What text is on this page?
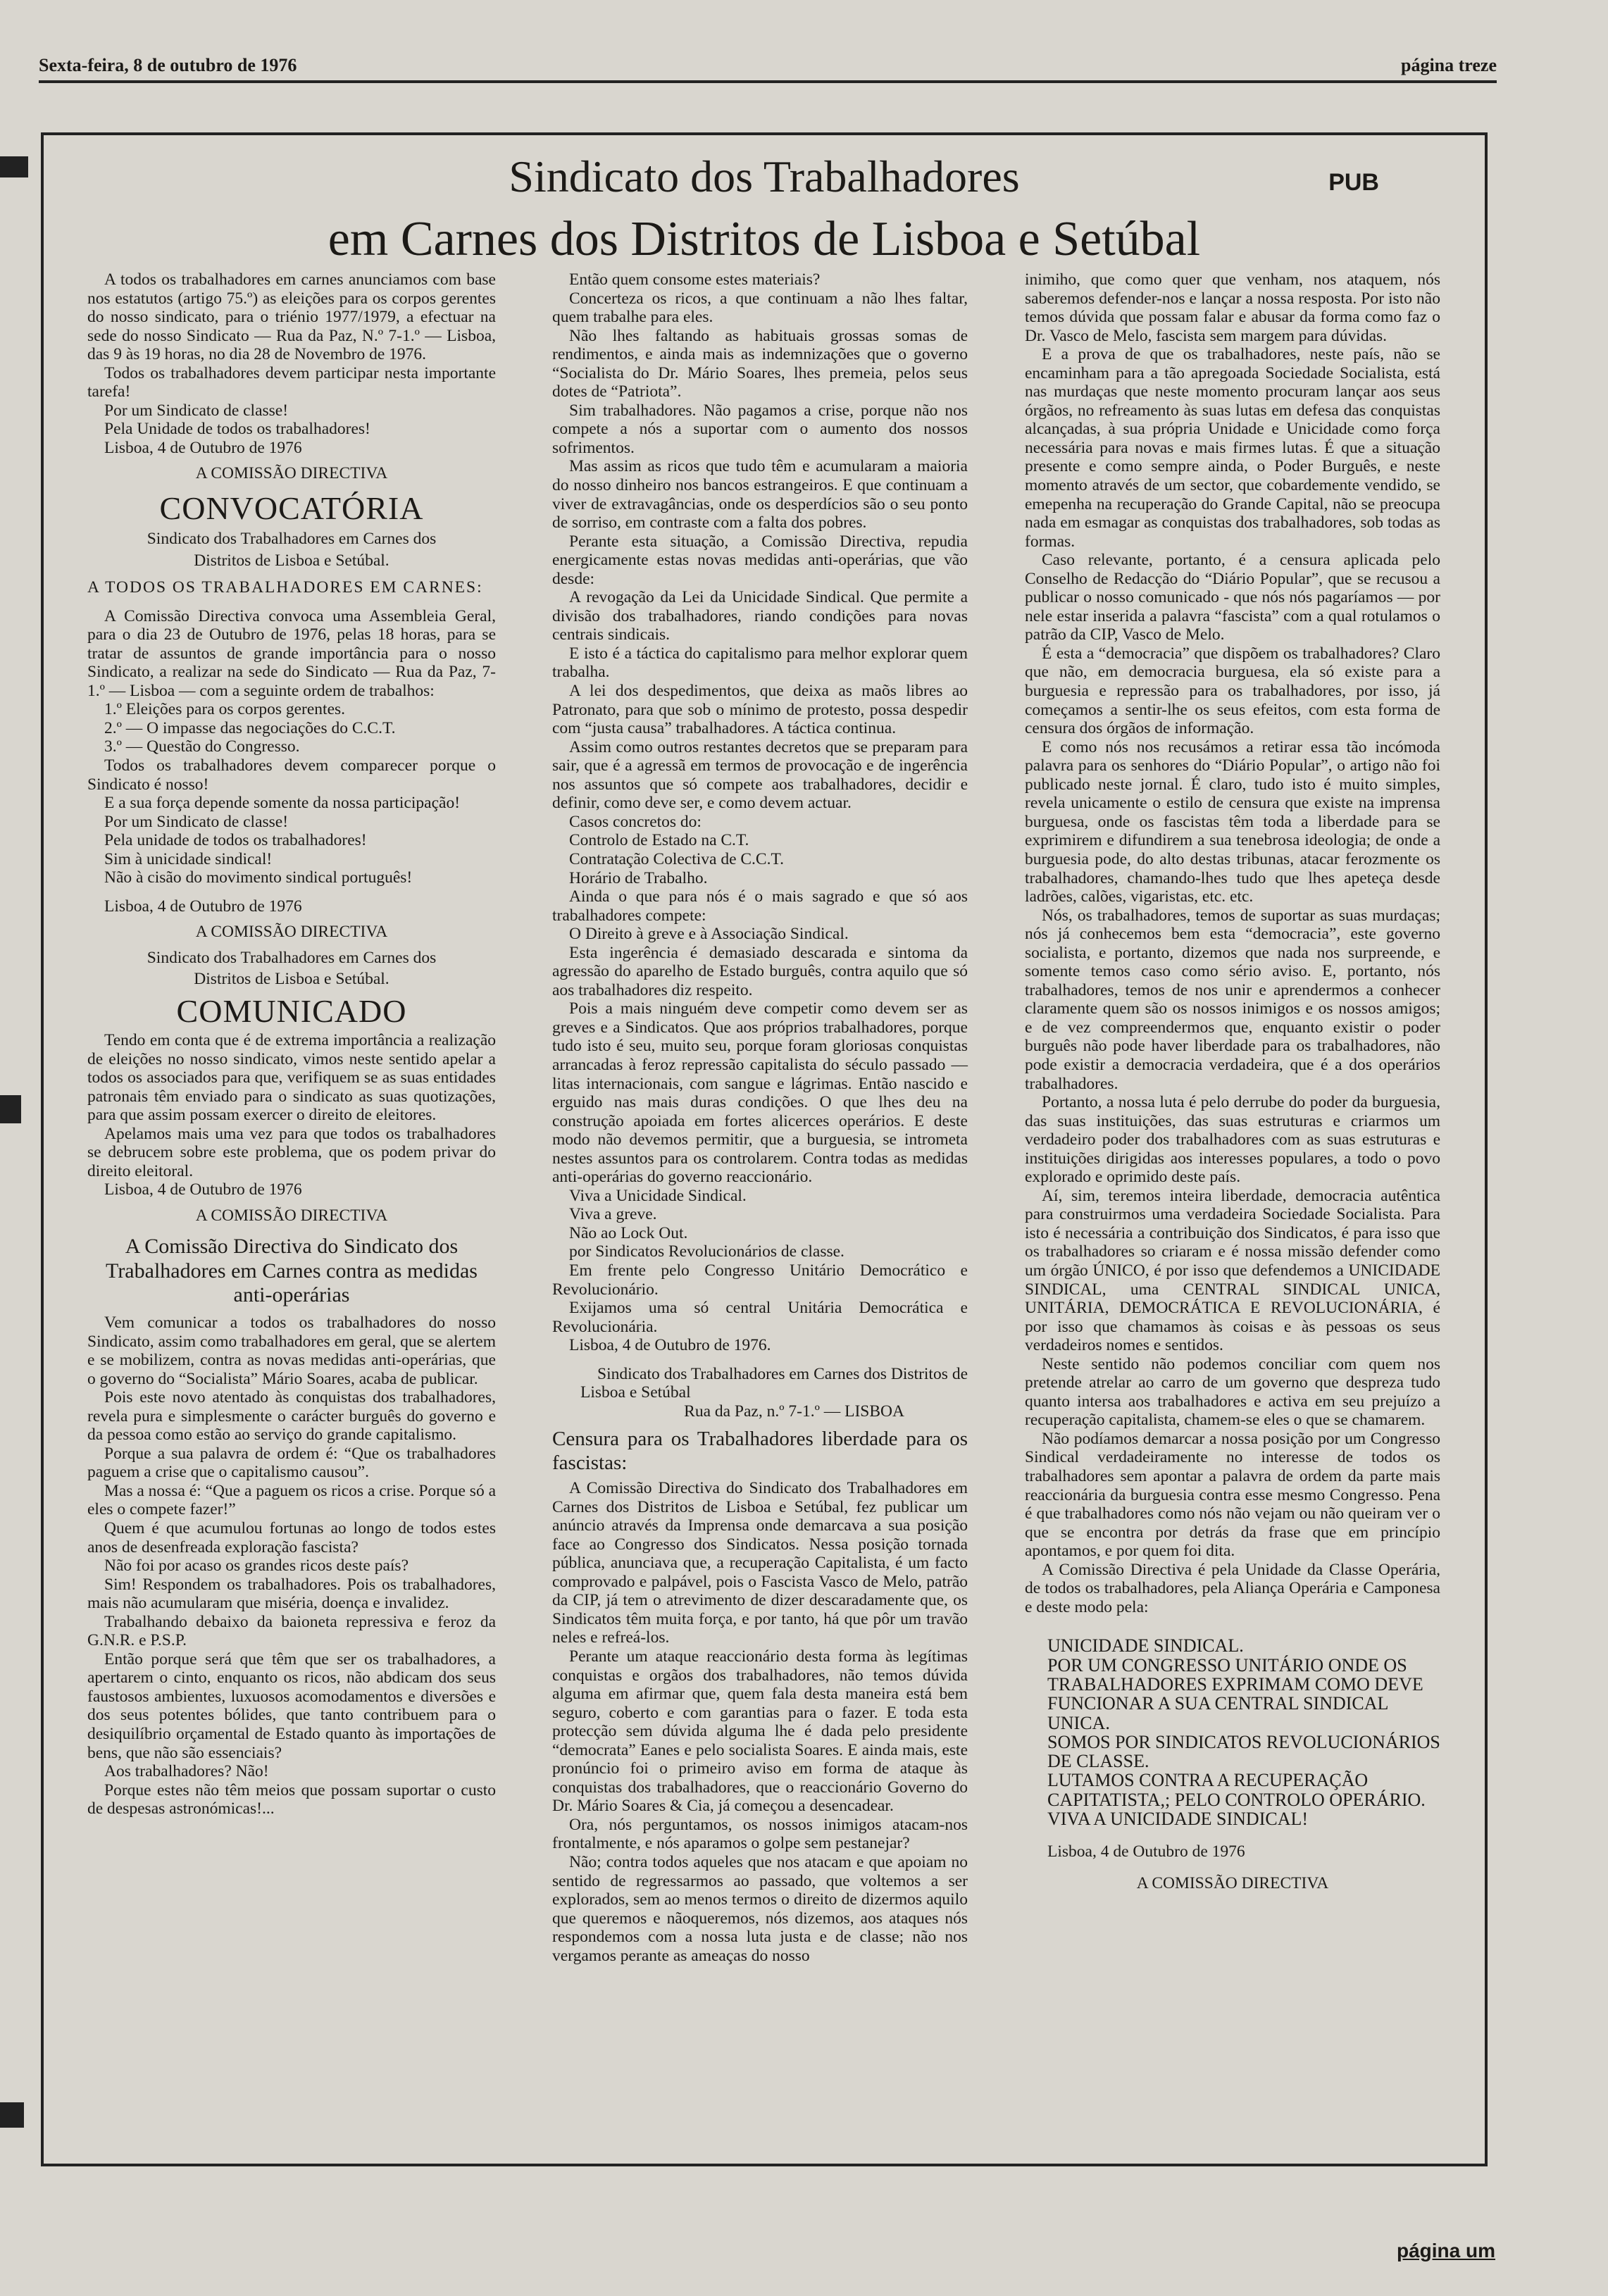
Sexta-feira, 8 de outubro de 1976	página treze
Sindicato dos Trabalhadores	PUB
em Carnes dos Distritos de Lisboa e Setúbal

A todos os trabalhadores em carnes anunciamos com base nos estatutos (artigo 75.º) as eleições para os corpos gerentes do nosso sindicato, para o triénio 1977/1979, a efectuar na sede do nosso Sindicato — Rua da Paz, N.º 7-1.º — Lisboa, das 9 às 19 horas, no dia 28 de Novembro de 1976.

Todos os trabalhadores devem participar nesta importante tarefa!

Por um Sindicato de classe!

Pela Unidade de todos os trabalhadores!

Lisboa, 4 de Outubro de 1976

A COMISSÃO DIRECTIVA
CONVOCATÓRIA
Sindicato dos Trabalhadores em Carnes dos
Distritos de Lisboa e Setúbal.

A TODOS OS TRABALHADORES EM CARNES:

A Comissão Directiva convoca uma Assembleia Geral, para o dia 23 de Outubro de 1976, pelas 18 horas, para se tratar de assuntos de grande importância para o nosso Sindicato, a realizar na sede do Sindicato — Rua da Paz, 7-1.º — Lisboa — com a seguinte ordem de trabalhos:

1.º Eleições para os corpos gerentes.

2.º — O impasse das negociações do C.C.T.

3.º — Questão do Congresso.

Todos os trabalhadores devem comparecer porque o Sindicato é nosso!

E a sua força depende somente da nossa participação!

Por um Sindicato de classe!

Pela unidade de todos os trabalhadores!

Sim à unicidade sindical!

Não à cisão do movimento sindical português!

Lisboa, 4 de Outubro de 1976

A COMISSÃO DIRECTIVA
Sindicato dos Trabalhadores em Carnes dos
Distritos de Lisboa e Setúbal.
COMUNICADO

Tendo em conta que é de extrema importância a realização de eleições no nosso sindicato, vimos neste sentido apelar a todos os associados para que, verifiquem se as suas entidades patronais têm enviado para o sindicato as suas quotizações, para que assim possam exercer o direito de eleitores.

Apelamos mais uma vez para que todos os trabalhadores se debrucem sobre este problema, que os podem privar do direito eleitoral.

Lisboa, 4 de Outubro de 1976

A COMISSÃO DIRECTIVA
A Comissão Directiva do Sindicato dos Trabalhadores em Carnes contra as medidas anti-operárias

Vem comunicar a todos os trabalhadores do nosso Sindicato, assim como trabalhadores em geral, que se alertem e se mobilizem, contra as novas medidas anti-operárias, que o governo do “Socialista” Mário Soares, acaba de publicar.

Pois este novo atentado às conquistas dos trabalhadores, revela pura e simplesmente o carácter burguês do governo e da pessoa como estão ao serviço do grande capitalismo.

Porque a sua palavra de ordem é: “Que os trabalhadores paguem a crise que o capitalismo causou”.

Mas a nossa é: “Que a paguem os ricos a crise. Porque só a eles o compete fazer!”

Quem é que acumulou fortunas ao longo de todos estes anos de desenfreada exploração fascista?

Não foi por acaso os grandes ricos deste país?

Sim! Respondem os trabalhadores. Pois os trabalhadores, mais não acumularam que miséria, doença e invalidez.

Trabalhando debaixo da baioneta repressiva e feroz da G.N.R. e P.S.P.

Então porque será que têm que ser os trabalhadores, a apertarem o cinto, enquanto os ricos, não abdicam dos seus faustosos ambientes, luxuosos acomodamentos e diversões e dos seus potentes bólides, que tanto contribuem para o desiquilíbrio orçamental de Estado quanto às importações de bens, que não são essenciais?

Aos trabalhadores? Não!

Porque estes não têm meios que possam suportar o custo de despesas astronómicas!...

Então quem consome estes materiais?

Concerteza os ricos, a que continuam a não lhes faltar, quem trabalhe para eles.

Não lhes faltando as habituais grossas somas de rendimentos, e ainda mais as indemnizações que o governo “Socialista do Dr. Mário Soares, lhes premeia, pelos seus dotes de “Patriota”.

Sim trabalhadores. Não pagamos a crise, porque não nos compete a nós a suportar com o aumento dos nossos sofrimentos.

Mas assim as ricos que tudo têm e acumularam a maioria do nosso dinheiro nos bancos estrangeiros. E que continuam a viver de extravagâncias, onde os desperdícios são o seu ponto de sorriso, em contraste com a falta dos pobres.

Perante esta situação, a Comissão Directiva, repudia energicamente estas novas medidas anti-operárias, que vão desde:

A revogação da Lei da Unicidade Sindical. Que permite a divisão dos trabalhadores, riando condições para novas centrais sindicais.

E isto é a táctica do capitalismo para melhor explorar quem trabalha.

A lei dos despedimentos, que deixa as maõs libres ao Patronato, para que sob o mínimo de protesto, possa despedir com “justa causa” trabalhadores. A táctica continua.

Assim como outros restantes decretos que se preparam para sair, que é a agressã em termos de provocação e de ingerência nos assuntos que só compete aos trabalhadores, decidir e definir, como deve ser, e como devem actuar.

Casos concretos do:

Controlo de Estado na C.T.

Contratação Colectiva de C.C.T.

Horário de Trabalho.

Ainda o que para nós é o mais sagrado e que só aos trabalhadores compete:

O Direito à greve e à Associação Sindical.

Esta ingerência é demasiado descarada e sintoma da agressão do aparelho de Estado burguês, contra aquilo que só aos trabalhadores diz respeito.

Pois a mais ninguém deve competir como devem ser as greves e a Sindicatos. Que aos próprios trabalhadores, porque tudo isto é seu, muito seu, porque foram gloriosas conquistas arrancadas à feroz repressão capitalista do século passado — litas internacionais, com sangue e lágrimas. Então nascido e erguido nas mais duras condições. O que lhes deu na construção apoiada em fortes alicerces operários. E deste modo não devemos permitir, que a burguesia, se intrometa nestes assuntos para os controlarem. Contra todas as medidas anti-operárias do governo reaccionário.

Viva a Unicidade Sindical.

Viva a greve.

Não ao Lock Out.

por Sindicatos Revolucionários de classe.

Em frente pelo Congresso Unitário Democrático e Revolucionário.

Exijamos uma só central Unitária Democrática e Revolucionária.

Lisboa, 4 de Outubro de 1976.

Sindicato dos Trabalhadores em Carnes dos Distritos de Lisboa e Setúbal

Rua da Paz, n.º 7-1.º — LISBOA

Censura para os Trabalhadores liberdade para os fascistas:

A Comissão Directiva do Sindicato dos Trabalhadores em Carnes dos Distritos de Lisboa e Setúbal, fez publicar um anúncio através da Imprensa onde demarcava a sua posição face ao Congresso dos Sindicatos. Nessa posição tornada pública, anunciava que, a recuperação Capitalista, é um facto comprovado e palpável, pois o Fascista Vasco de Melo, patrão da CIP, já tem o atrevimento de dizer descaradamente que, os Sindicatos têm muita força, e por tanto, há que pôr um travão neles e refreá-los.

Perante um ataque reaccionário desta forma às legítimas conquistas e orgãos dos trabalhadores, não temos dúvida alguma em afirmar que, quem fala desta maneira está bem seguro, coberto e com garantias para o fazer. E toda esta protecção sem dúvida alguma lhe é dada pelo presidente “democrata” Eanes e pelo socialista Soares. E ainda mais, este pronúncio foi o primeiro aviso em forma de ataque às conquistas dos trabalhadores, que o reaccionário Governo do Dr. Mário Soares & Cia, já começou a desencadear.

Ora, nós perguntamos, os nossos inimigos atacam-nos frontalmente, e nós aparamos o golpe sem pestanejar?

Não; contra todos aqueles que nos atacam e que apoiam no sentido de regressarmos ao passado, que voltemos a ser explorados, sem ao menos termos o direito de dizermos aquilo que queremos e nãoqueremos, nós dizemos, aos ataques nós respondemos com a nossa luta justa e de classe; não nos vergamos perante as ameaças do nosso

inimiho, que como quer que venham, nos ataquem, nós saberemos defender-nos e lançar a nossa resposta. Por isto não temos dúvida que possam falar e abusar da forma como faz o Dr. Vasco de Melo, fascista sem margem para dúvidas.

E a prova de que os trabalhadores, neste país, não se encaminham para a tão apregoada Sociedade Socialista, está nas murdaças que neste momento procuram lançar aos seus órgãos, no refreamento às suas lutas em defesa das conquistas alcançadas, à sua própria Unidade e Unicidade como força necessária para novas e mais firmes lutas. É que a situação presente e como sempre ainda, o Poder Burguês, e neste momento através de um sector, que cobardemente vendido, se emepenha na recuperação do Grande Capital, não se preocupa nada em esmagar as conquistas dos trabalhadores, sob todas as formas.

Caso relevante, portanto, é a censura aplicada pelo Conselho de Redacção do “Diário Popular”, que se recusou a publicar o nosso comunicado - que nós nós pagaríamos — por nele estar inserida a palavra “fascista” com a qual rotulamos o patrão da CIP, Vasco de Melo.

É esta a “democracia” que dispõem os trabalhadores? Claro que não, em democracia burguesa, ela só existe para a burguesia e repressão para os trabalhadores, por isso, já começamos a sentir-lhe os seus efeitos, com esta forma de censura dos órgãos de informação.

E como nós nos recusámos a retirar essa tão incómoda palavra para os senhores do “Diário Popular”, o artigo não foi publicado neste jornal. É claro, tudo isto é muito simples, revela unicamente o estilo de censura que existe na imprensa burguesa, onde os fascistas têm toda a liberdade para se exprimirem e difundirem a sua tenebrosa ideologia; de onde a burguesia pode, do alto destas tribunas, atacar ferozmente os trabalhadores, chamando-lhes tudo que lhes apeteça desde ladrões, calões, vigaristas, etc. etc.

Nós, os trabalhadores, temos de suportar as suas murdaças; nós já conhecemos bem esta “democracia”, este governo socialista, e portanto, dizemos que nada nos surpreende, e somente temos caso como sério aviso. E, portanto, nós trabalhadores, temos de nos unir e aprendermos a conhecer claramente quem são os nossos inimigos e os nossos amigos; e de vez compreendermos que, enquanto existir o poder burguês não pode haver liberdade para os trabalhadores, não pode existir a democracia verdadeira, que é a dos operários trabalhadores.

Portanto, a nossa luta é pelo derrube do poder da burguesia, das suas instituições, das suas estruturas e criarmos um verdadeiro poder dos trabalhadores com as suas estruturas e instituições dirigidas aos interesses populares, a todo o povo explorado e oprimido deste país.

Aí, sim, teremos inteira liberdade, democracia autêntica para construirmos uma verdadeira Sociedade Socialista. Para isto é necessária a contribuição dos Sindicatos, é para isso que os trabalhadores so criaram e é nossa missão defender como um órgão ÚNICO, é por isso que defendemos a UNICIDADE SINDICAL, uma CENTRAL SINDICAL UNICA, UNITÁRIA, DEMOCRÁTICA E REVOLUCIONÁRIA, é por isso que chamamos às coisas e às pessoas os seus verdadeiros nomes e sentidos.

Neste sentido não podemos conciliar com quem nos pretende atrelar ao carro de um governo que despreza tudo quanto intersa aos trabalhadores e activa em seu prejuízo a recuperação capitalista, chamem-se eles o que se chamarem.

Não podíamos demarcar a nossa posição por um Congresso Sindical verdadeiramente no interesse de todos os trabalhadores sem apontar a palavra de ordem da parte mais reaccionária da burguesia contra esse mesmo Congresso. Pena é que trabalhadores como nós não vejam ou não queiram ver o que se encontra por detrás da frase que em princípio apontamos, e por quem foi dita.

A Comissão Directiva é pela Unidade da Classe Operária, de todos os trabalhadores, pela Aliança Operária e Camponesa e deste modo pela:

UNICIDADE SINDICAL.
POR UM CONGRESSO UNITÁRIO ONDE OS TRABALHADORES EXPRIMAM COMO DEVE FUNCIONAR A SUA CENTRAL SINDICAL UNICA.
SOMOS POR SINDICATOS REVOLUCIONÁRIOS DE CLASSE.
LUTAMOS CONTRA A RECUPERAÇÃO CAPITATISTA,; PELO CONTROLO OPERÁRIO.
VIVA A UNICIDADE SINDICAL!

Lisboa, 4 de Outubro de 1976

A COMISSÃO DIRECTIVA
página um
